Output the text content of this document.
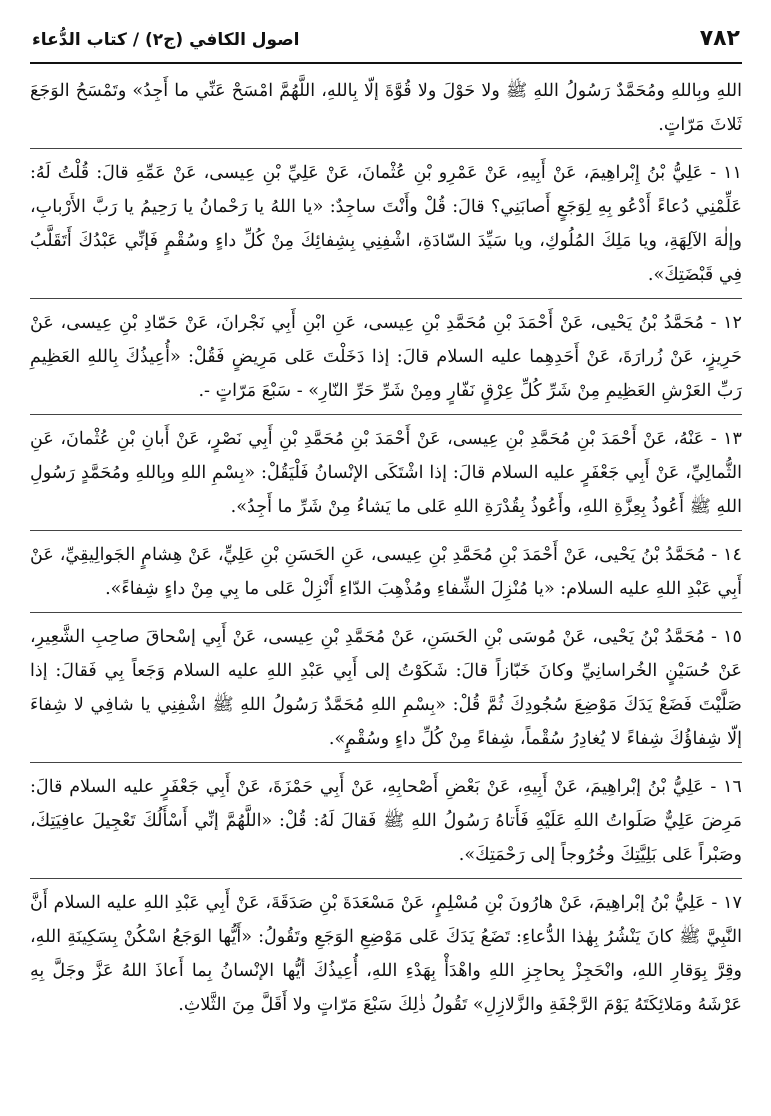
٧٨٢
اصول الكافي (ج٢) / كتاب الدُّعاء

اللهِ وبِاللهِ ومُحَمَّدٌ رَسُولُ اللهِ ﷺ ولا حَوْلَ ولا قُوَّةَ إلّا بِاللهِ، اللَّهُمَّ امْسَحْ عَنِّي ما أَجِدُ» وتَمْسَحُ الوَجَعَ ثَلاثَ مَرّاتٍ.

١١ - عَلِيُّ بْنُ إِبْراهِيمَ، عَنْ أَبِيهِ، عَنْ عَمْرِو بْنِ عُثْمانَ، عَنْ عَلِيِّ بْنِ عِيسى، عَنْ عَمِّهِ قالَ: قُلْتُ لَهُ: عَلِّمْنِي دُعاءً أَدْعُو بِهِ لِوَجَعٍ أَصابَنِي؟ قالَ: قُلْ وأَنْتَ ساجِدٌ: «يا اللهُ يا رَحْمانُ يا رَحِيمُ يا رَبَّ الأَرْبابِ، وإلٰهَ الآلِهَةِ، ويا مَلِكَ المُلُوكِ، ويا سَيِّدَ السّادَةِ، اشْفِنِي بِشِفائِكَ مِنْ كُلِّ داءٍ وسُقْمٍ فَإنِّي عَبْدُكَ أَتَقَلَّبُ فِي قَبْضَتِكَ».

١٢ - مُحَمَّدُ بْنُ يَحْيى، عَنْ أَحْمَدَ بْنِ مُحَمَّدِ بْنِ عِيسى، عَنِ ابْنِ أَبِي نَجْرانَ، عَنْ حَمّادِ بْنِ عِيسى، عَنْ حَرِيزٍ، عَنْ زُرارَةَ، عَنْ أَحَدِهِما عليه السلام قالَ: إذا دَخَلْتَ عَلى مَرِيضٍ فَقُلْ: «أُعِيذُكَ بِاللهِ العَظِيمِ رَبِّ العَرْشِ العَظِيمِ مِنْ شَرِّ كُلِّ عِرْقٍ نَفّارٍ ومِنْ شَرِّ حَرِّ النّارِ» - سَبْعَ مَرّاتٍ -.

١٣ - عَنْهُ، عَنْ أَحْمَدَ بْنِ مُحَمَّدِ بْنِ عِيسى، عَنْ أَحْمَدَ بْنِ مُحَمَّدِ بْنِ أَبِي نَصْرٍ، عَنْ أَبانِ بْنِ عُثْمانَ، عَنِ الثُّمالِيِّ، عَنْ أَبِي جَعْفَرٍ عليه السلام قالَ: إذا اشْتَكَى الإنْسانُ فَلْيَقُلْ: «بِسْمِ اللهِ وبِاللهِ ومُحَمَّدٍ رَسُولِ اللهِ ﷺ أَعُوذُ بِعِزَّةِ اللهِ، وأَعُوذُ بِقُدْرَةِ اللهِ عَلى ما يَشاءُ مِنْ شَرِّ ما أَجِدُ».

١٤ - مُحَمَّدُ بْنُ يَحْيى، عَنْ أَحْمَدَ بْنِ مُحَمَّدِ بْنِ عِيسى، عَنِ الحَسَنِ بْنِ عَلِيٍّ، عَنْ هِشامٍ الجَوالِيقِيِّ، عَنْ أَبِي عَبْدِ اللهِ عليه السلام: «يا مُنْزِلَ الشِّفاءِ ومُذْهِبَ الدّاءِ أَنْزِلْ عَلى ما بِي مِنْ داءٍ شِفاءً».

١٥ - مُحَمَّدُ بْنُ يَحْيى، عَنْ مُوسَى بْنِ الحَسَنِ، عَنْ مُحَمَّدِ بْنِ عِيسى، عَنْ أَبِي إسْحاقَ صاحِبِ الشَّعِيرِ، عَنْ حُسَيْنٍ الخُراسانِيِّ وكانَ خَبّازاً قالَ: شَكَوْتُ إلى أَبِي عَبْدِ اللهِ عليه السلام وَجَعاً بِي فَقالَ: إذا صَلَّيْتَ فَضَعْ يَدَكَ مَوْضِعَ سُجُودِكَ ثُمَّ قُلْ: «بِسْمِ اللهِ مُحَمَّدٌ رَسُولُ اللهِ ﷺ اشْفِنِي يا شافِي لا شِفاءَ إلّا شِفاؤُكَ شِفاءً لا يُغادِرُ سُقْماً، شِفاءً مِنْ كُلِّ داءٍ وسُقْمٍ».

١٦ - عَلِيُّ بْنُ إبْراهِيمَ، عَنْ أَبِيهِ، عَنْ بَعْضِ أَصْحابِهِ، عَنْ أَبِي حَمْزَةَ، عَنْ أَبِي جَعْفَرٍ عليه السلام قالَ: مَرِضَ عَلِيٌّ صَلَواتُ اللهِ عَلَيْهِ فَأَتاهُ رَسُولُ اللهِ ﷺ فَقالَ لَهُ: قُلْ: «اللَّهُمَّ إنِّي أَسْأَلُكَ تَعْجِيلَ عافِيَتِكَ، وصَبْراً عَلى بَلِيَّتِكَ وخُرُوجاً إلى رَحْمَتِكَ».

١٧ - عَلِيُّ بْنُ إبْراهِيمَ، عَنْ هارُونَ بْنِ مُسْلِمٍ، عَنْ مَسْعَدَةَ بْنِ صَدَقَةَ، عَنْ أَبِي عَبْدِ اللهِ عليه السلام أَنَّ النَّبِيَّ ﷺ كانَ يَنْشُرُ بِهٰذا الدُّعاءِ: تَضَعُ يَدَكَ عَلى مَوْضِعِ الوَجَعِ وتَقُولُ: «أَيُّها الوَجَعُ اسْكُنْ بِسَكِينَةِ اللهِ، وقِرَّ بِوَقارِ اللهِ، وانْحَجِزْ بِحاجِزِ اللهِ واهْدَأْ بِهَدْءِ اللهِ، أُعِيذُكَ أيُّها الإنْسانُ بِما أَعاذَ اللهُ عَزَّ وجَلَّ بِهِ عَرْشَهُ ومَلائِكَتَهُ يَوْمَ الرَّجْفَةِ والزَّلازِلِ» تَقُولُ ذٰلِكَ سَبْعَ مَرّاتٍ ولا أَقَلَّ مِنَ الثَّلاثِ.
